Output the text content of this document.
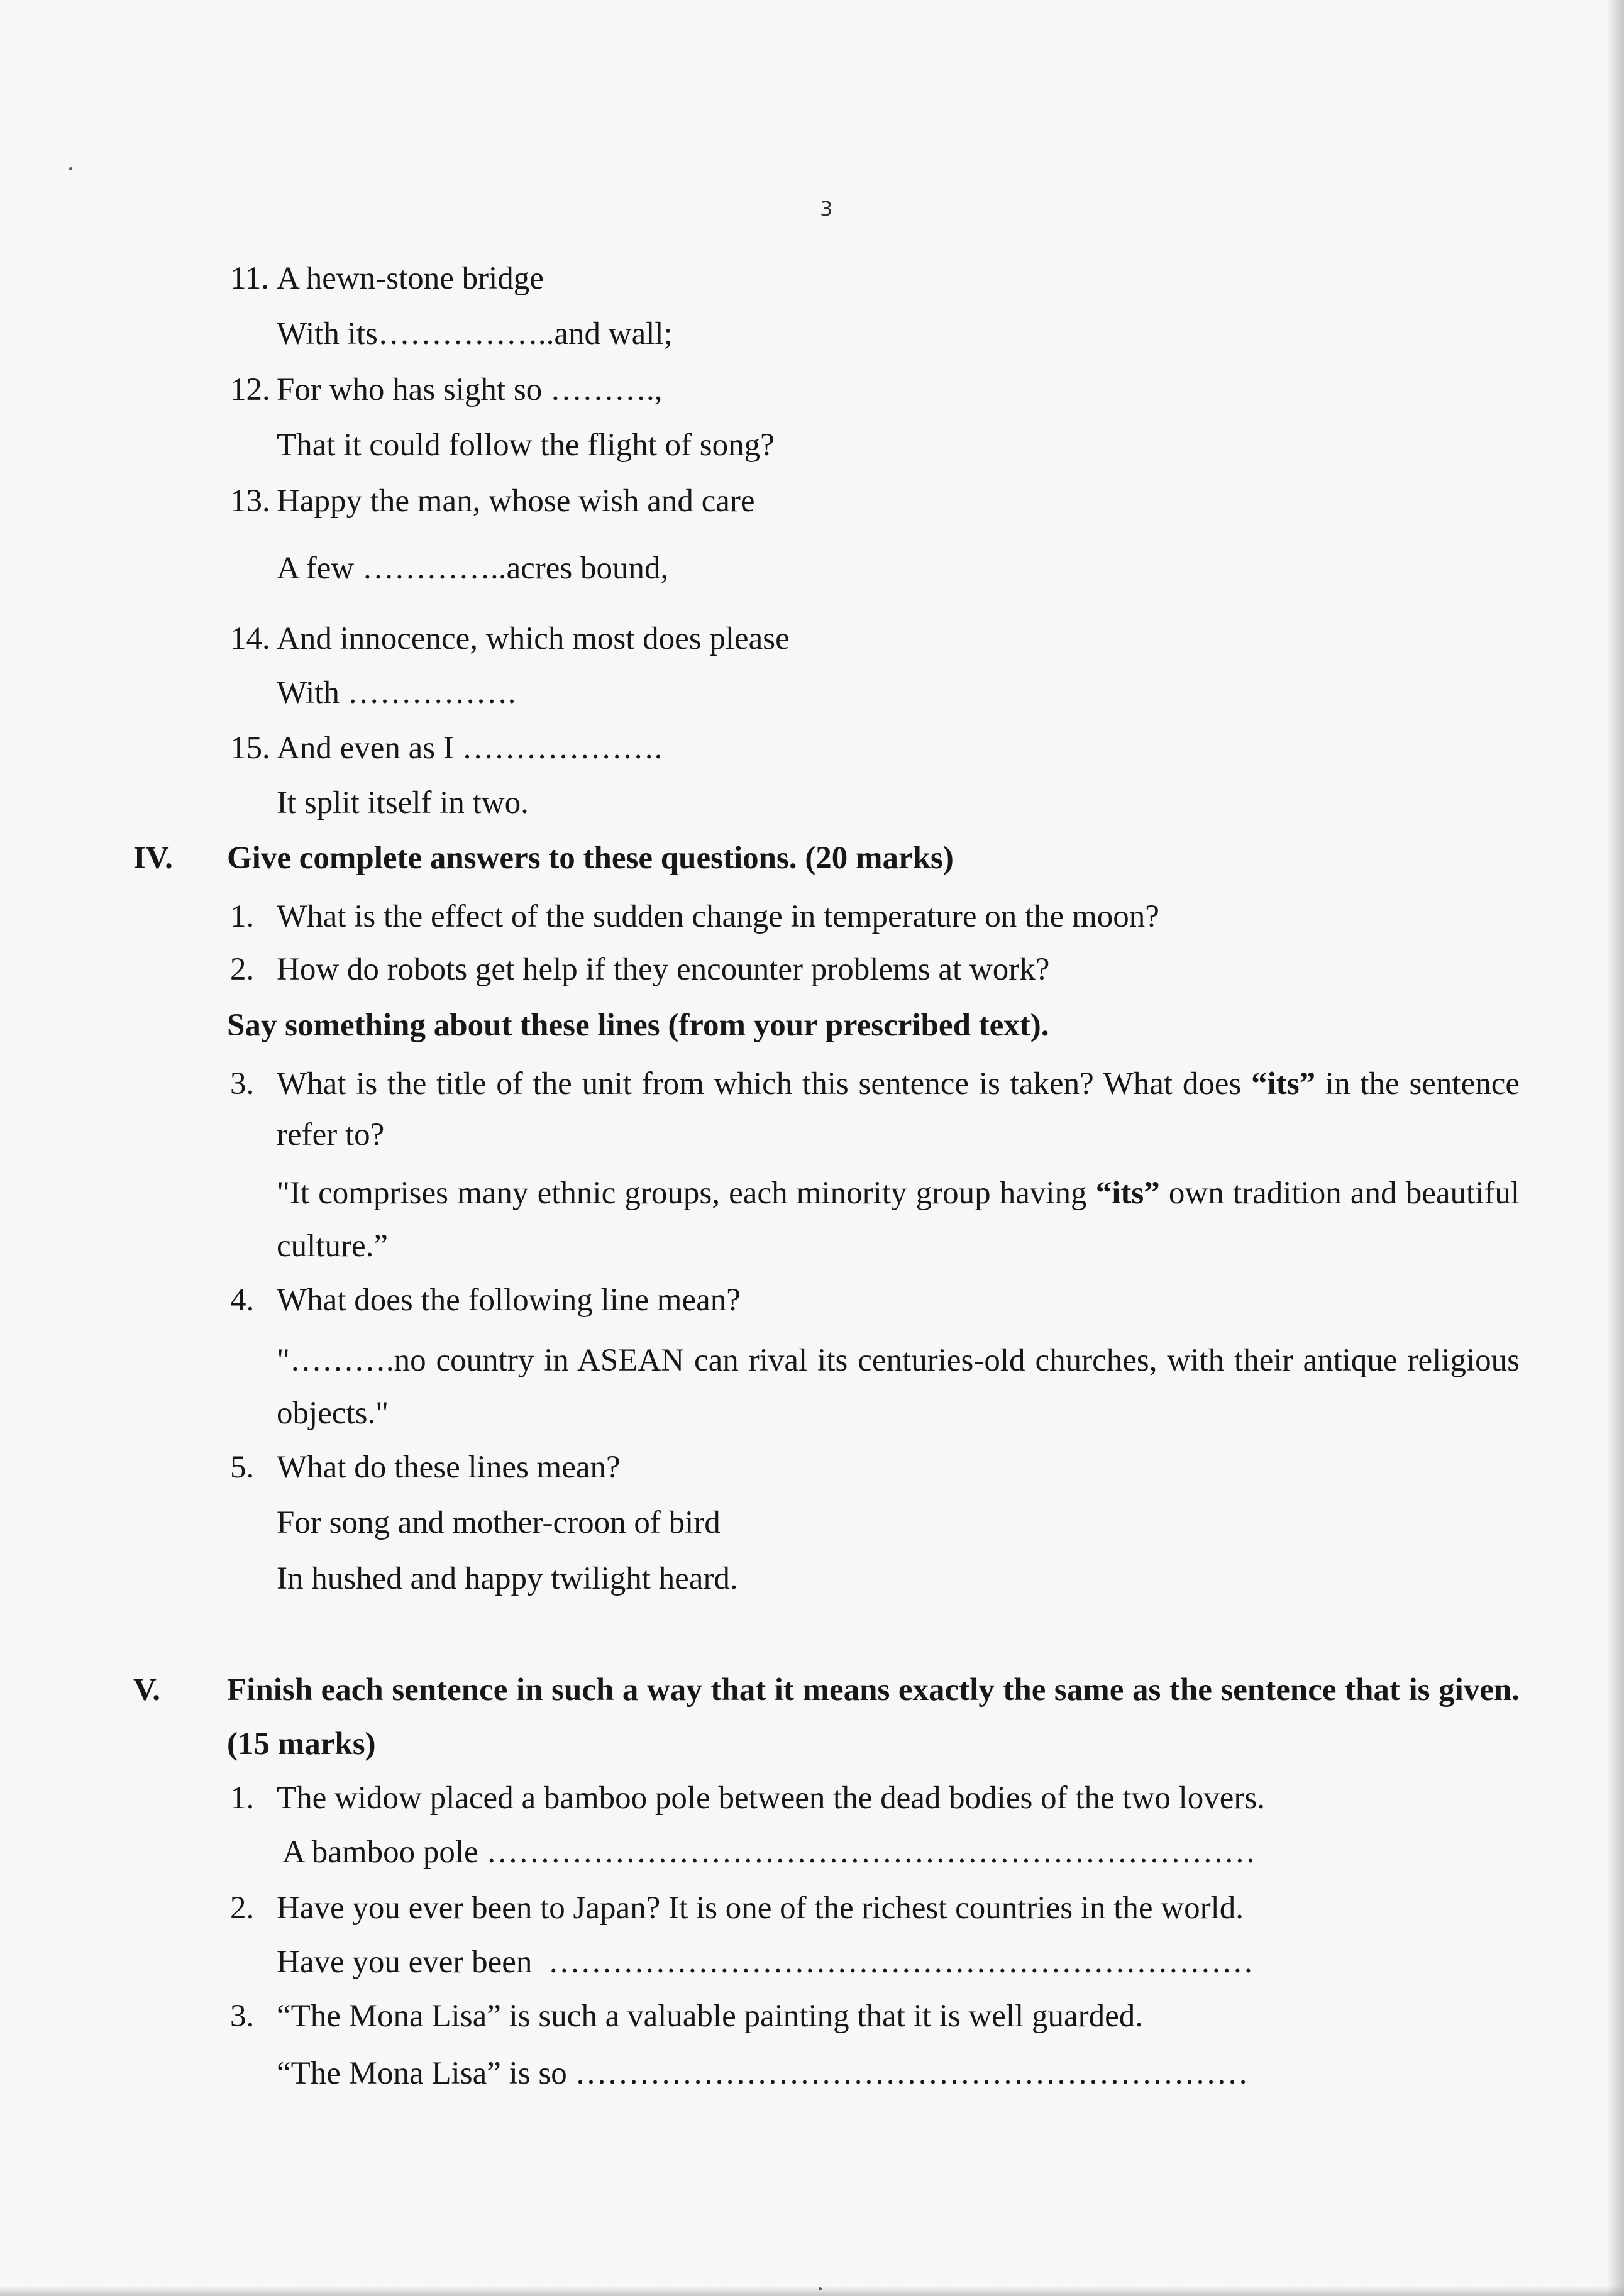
3
11. A hewn-stone bridge
With its……………..and wall;
12. For who has sight so ……….,
That it could follow the flight of song?
13. Happy the man, whose wish and care
A few …………..acres bound,
14. And innocence, which most does please
With …………….
15. And even as I ……………….
It split itself in two.
IV. Give complete answers to these questions. (20 marks)
1. What is the effect of the sudden change in temperature on the moon?
2. How do robots get help if they encounter problems at work?
Say something about these lines (from your prescribed text).
3. What is the title of the unit from which this sentence is taken? What does “its” in the sentence
refer to?
"It comprises many ethnic groups, each minority group having “its” own tradition and beautiful
culture.”
4. What does the following line mean?
"……….no country in ASEAN can rival its centuries-old churches, with their antique religious
objects."
5. What do these lines mean?
For song and mother-croon of bird
In hushed and happy twilight heard.
V. Finish each sentence in such a way that it means exactly the same as the sentence that is given.
(15 marks)
1. The widow placed a bamboo pole between the dead bodies of the two lovers.
A bamboo pole ………………………………………………………………
2. Have you ever been to Japan? It is one of the richest countries in the world.
Have you ever been  …………………………………………………………
3. “The Mona Lisa” is such a valuable painting that it is well guarded.
“The Mona Lisa” is so ………………………………………………………
